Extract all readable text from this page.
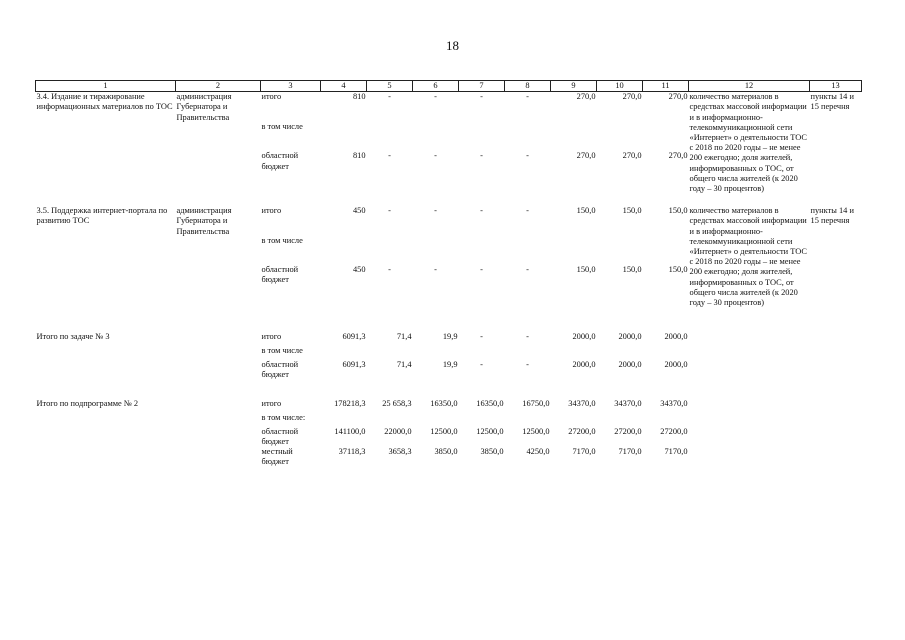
18
1	2	3	4	5	6	7	8	9	10	11	12	13
3.4. Издание и тиражирование информационных материалов по ТОС	администрация Губернатора и Правительства	итого	810	-	-	-	-	270,0	270,0	270,0	количество материалов в средствах массовой информации и в информационно-телекоммуникационной сети «Интернет» о деятельности ТОС с 2018 по 2020 годы – не менее 200 ежегодно; доля жителей, информированных о ТОС, от общего числа жителей (к 2020 году – 30 процентов)	пункты 14 и 15 перечня
		в том числе										
		областной бюджет	810	-	-	-	-	270,0	270,0	270,0		

3.5. Поддержка интернет-портала по развитию ТОС	администрация Губернатора и Правительства	итого	450	-	-	-	-	150,0	150,0	150,0	количество материалов в средствах массовой информации и в информационно-телекоммуникационной сети «Интернет» о деятельности ТОС с 2018 по 2020 годы – не менее 200 ежегодно; доля жителей, информированных о ТОС, от общего числа жителей (к 2020 году – 30 процентов)	пункты 14 и 15 перечня
		в том числе										
		областной бюджет	450	-	-	-	-	150,0	150,0	150,0		

Итого по задаче № 3		итого	6091,3	71,4	19,9	-	-	2000,0	2000,0	2000,0		
		в том числе										
		областной бюджет	6091,3	71,4	19,9	-	-	2000,0	2000,0	2000,0		

Итого по подпрограмме № 2		итого	178218,3	25 658,3	16350,0	16350,0	16750,0	34370,0	34370,0	34370,0		
		в том числе:										
		областной бюджет	141100,0	22000,0	12500,0	12500,0	12500,0	27200,0	27200,0	27200,0		
		местный бюджет	37118,3	3658,3	3850,0	3850,0	4250,0	7170,0	7170,0	7170,0		
